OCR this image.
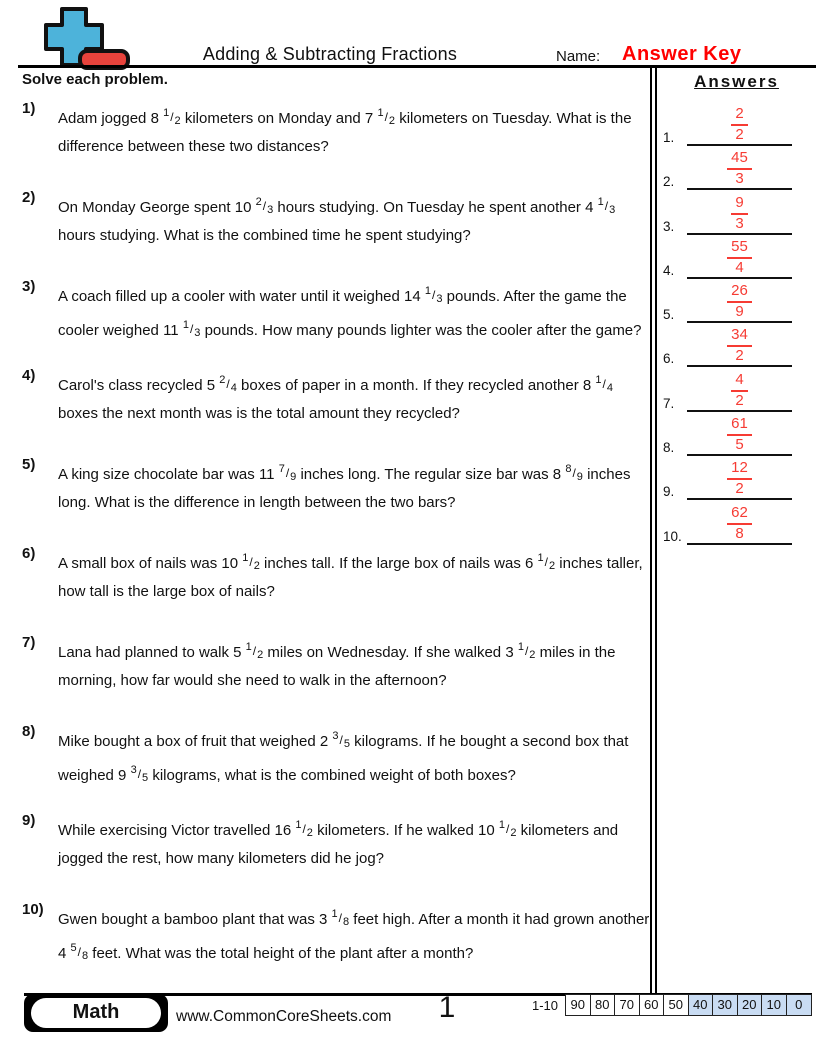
Adding & Subtracting Fractions	Name: Answer Key
Solve each problem.
1)
Adam jogged 8 $^1$/2 kilometers on Monday and 7 $^1$/2 kilometers on Tuesday. What is the difference between these two distances?
2)
On Monday George spent 10 $^2$/3 hours studying. On Tuesday he spent another 4 $^1$/3 hours studying. What is the combined time he spent studying?
3)
A coach filled up a cooler with water until it weighed 14 $^1$/3 pounds. After the game the cooler weighed 11 $^1$/3 pounds. How many pounds lighter was the cooler after the game?
4)
Carol's class recycled 5 $^2$/4 boxes of paper in a month. If they recycled another 8 $^1$/4 boxes the next month was is the total amount they recycled?
5)
A king size chocolate bar was 11 $^7$/9 inches long. The regular size bar was 8 $^8$/9 inches long. What is the difference in length between the two bars?
6)
A small box of nails was 10 $^1$/2 inches tall. If the large box of nails was 6 $^1$/2 inches taller, how tall is the large box of nails?
7)
Lana had planned to walk 5 $^1$/2 miles on Wednesday. If she walked 3 $^1$/2 miles in the morning, how far would she need to walk in the afternoon?
8)
Mike bought a box of fruit that weighed 2 $^3$/5 kilograms. If he bought a second box that weighed 9 $^3$/5 kilograms, what is the combined weight of both boxes?
9)
While exercising Victor travelled 16 $^1$/2 kilometers. If he walked 10 $^1$/2 kilometers and jogged the rest, how many kilometers did he jog?
10)
Gwen bought a bamboo plant that was 3 $^1$/8 feet high. After a month it had grown another 4 $^5$/8 feet. What was the total height of the plant after a month?
Answers
1.	$\frac{2}{2}$
2.	$\frac{45}{3}$
3.	$\frac{9}{3}$
4.	$\frac{55}{4}$
5.	$\frac{26}{9}$
6.	$\frac{34}{2}$
7.	$\frac{4}{2}$
8.	$\frac{61}{5}$
9.	$\frac{12}{2}$
10.	$\frac{62}{8}$
Math	www.CommonCoreSheets.com	1	1-10 90 80 70 60 50 40 30 20 10	0
